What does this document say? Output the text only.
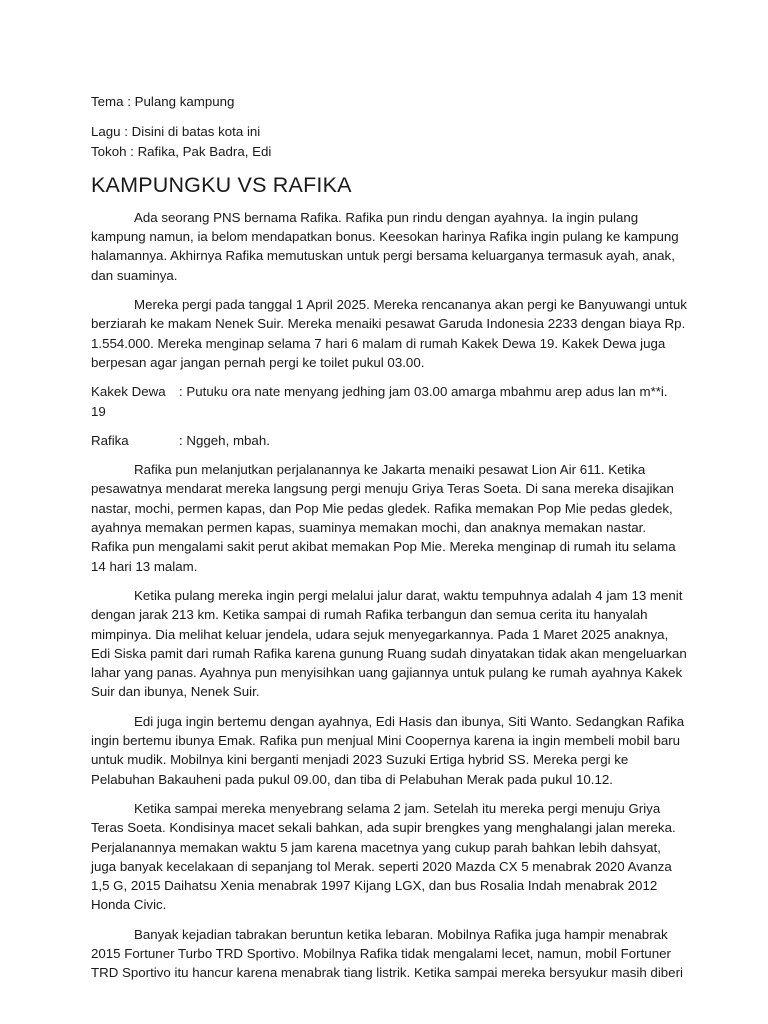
Tema : Pulang kampung

Lagu : Disini di batas kota ini

Tokoh : Rafika, Pak Badra, Edi

KAMPUNGKU VS RAFIKA

Ada seorang PNS bernama Rafika. Rafika pun rindu dengan ayahnya. Ia ingin pulang kampung namun, ia belom mendapatkan bonus. Keesokan harinya Rafika ingin pulang ke kampung halamannya. Akhirnya Rafika memutuskan untuk pergi bersama keluarganya termasuk ayah, anak, dan suaminya.

Mereka pergi pada tanggal 1 April 2025. Mereka rencananya akan pergi ke Banyuwangi untuk berziarah ke makam Nenek Suir. Mereka menaiki pesawat Garuda Indonesia 2233 dengan biaya Rp. 1.554.000. Mereka menginap selama 7 hari 6 malam di rumah Kakek Dewa 19. Kakek Dewa juga berpesan agar jangan pernah pergi ke toilet pukul 03.00.

Kakek Dewa 19
: Putuku ora nate menyang jedhing jam 03.00 amarga mbahmu arep adus lan m**i.
Rafika	: Nggeh, mbah.

Rafika pun melanjutkan perjalanannya ke Jakarta menaiki pesawat Lion Air 611. Ketika pesawatnya mendarat mereka langsung pergi menuju Griya Teras Soeta. Di sana mereka disajikan nastar, mochi, permen kapas, dan Pop Mie pedas gledek. Rafika memakan Pop Mie pedas gledek, ayahnya memakan permen kapas, suaminya memakan mochi, dan anaknya memakan nastar. Rafika pun mengalami sakit perut akibat memakan Pop Mie. Mereka menginap di rumah itu selama 14 hari 13 malam.

Ketika pulang mereka ingin pergi melalui jalur darat, waktu tempuhnya adalah 4 jam 13 menit dengan jarak 213 km. Ketika sampai di rumah Rafika terbangun dan semua cerita itu hanyalah mimpinya. Dia melihat keluar jendela, udara sejuk menyegarkannya. Pada 1 Maret 2025 anaknya, Edi Siska pamit dari rumah Rafika karena gunung Ruang sudah dinyatakan tidak akan mengeluarkan lahar yang panas. Ayahnya pun menyisihkan uang gajiannya untuk pulang ke rumah ayahnya Kakek Suir dan ibunya, Nenek Suir.

Edi juga ingin bertemu dengan ayahnya, Edi Hasis dan ibunya, Siti Wanto. Sedangkan Rafika ingin bertemu ibunya Emak. Rafika pun menjual Mini Coopernya karena ia ingin membeli mobil baru untuk mudik. Mobilnya kini berganti menjadi 2023 Suzuki Ertiga hybrid SS. Mereka pergi ke Pelabuhan Bakauheni pada pukul 09.00, dan tiba di Pelabuhan Merak pada pukul 10.12.

Ketika sampai mereka menyebrang selama 2 jam. Setelah itu mereka pergi menuju Griya Teras Soeta. Kondisinya macet sekali bahkan, ada supir brengkes yang menghalangi jalan mereka. Perjalanannya memakan waktu 5 jam karena macetnya yang cukup parah bahkan lebih dahsyat, juga banyak kecelakaan di sepanjang tol Merak. seperti 2020 Mazda CX 5 menabrak 2020 Avanza 1,5 G, 2015 Daihatsu Xenia menabrak 1997 Kijang LGX, dan bus Rosalia Indah menabrak 2012 Honda Civic.

Banyak kejadian tabrakan beruntun ketika lebaran. Mobilnya Rafika juga hampir menabrak 2015 Fortuner Turbo TRD Sportivo. Mobilnya Rafika tidak mengalami lecet, namun, mobil Fortuner TRD Sportivo itu hancur karena menabrak tiang listrik. Ketika sampai mereka bersyukur masih diberi
